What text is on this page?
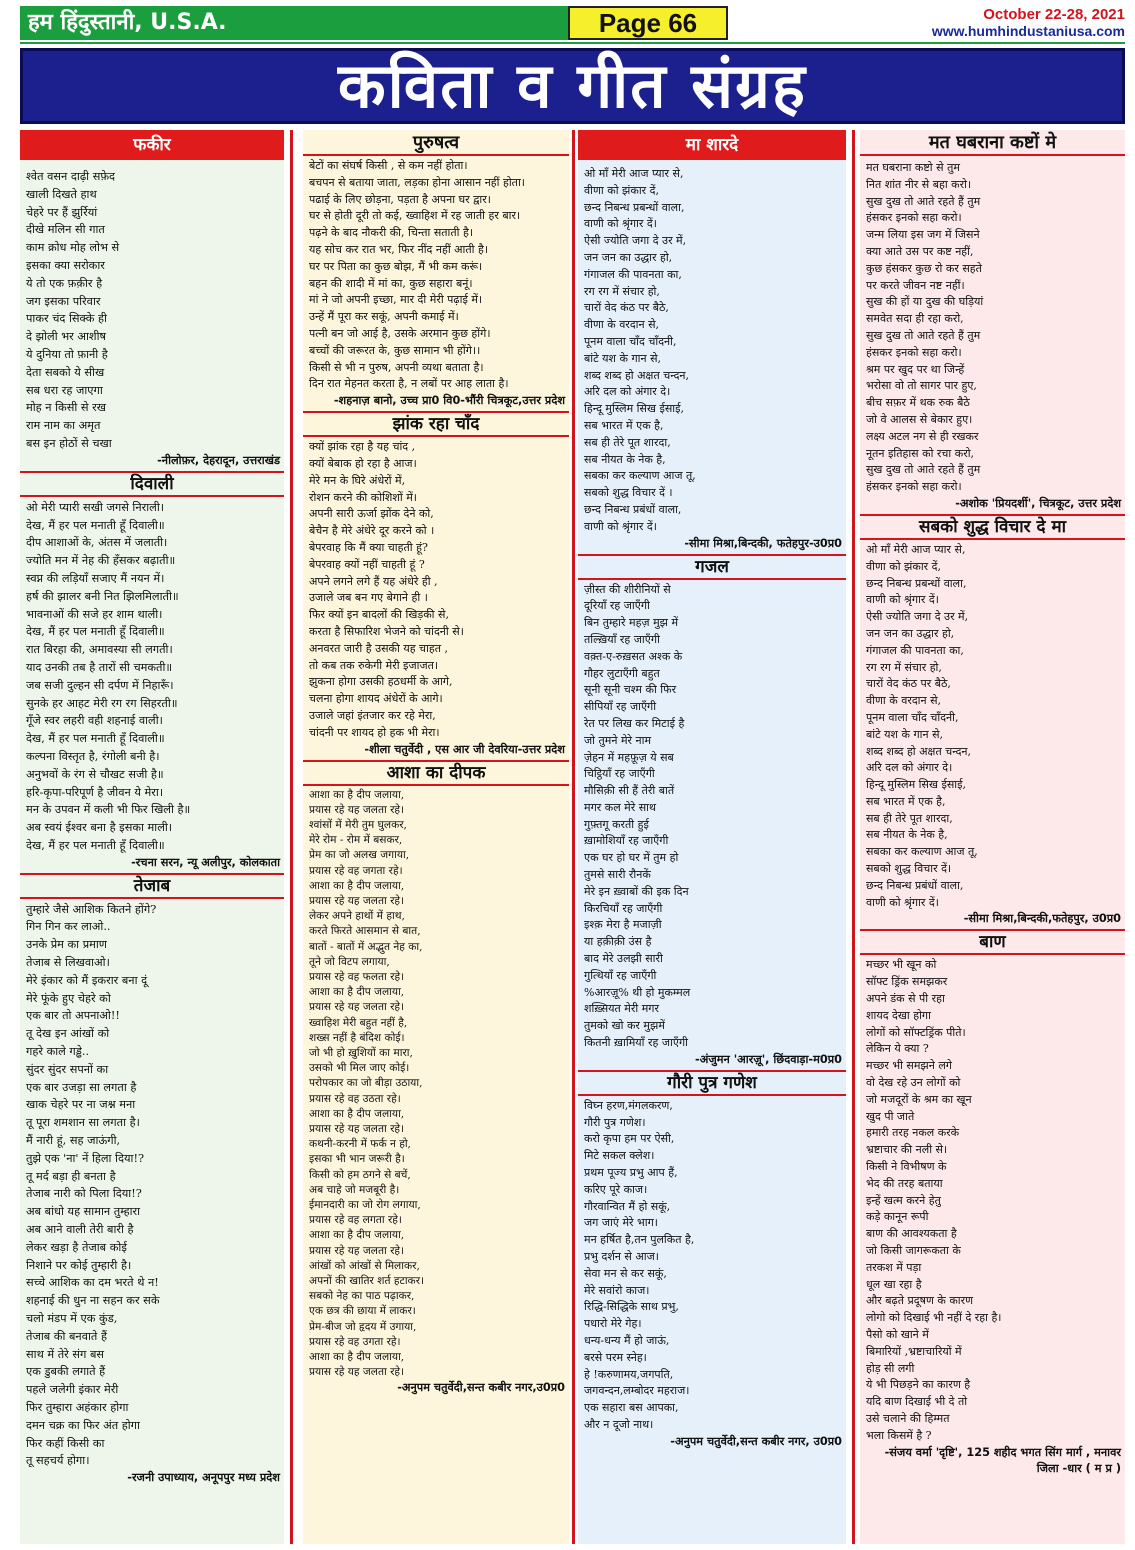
हम हिंदुस्तानी, U.S.A.	Page 66	October 22-28, 2021
www.humhindustaniusa.com
कविता व गीत संग्रह
फकीर
श्वेत वसन दाढ़ी सफ़ेद
खाली दिखते हाथ
चेहरे पर हैं झुर्रियां
दीखे मलिन सी गात
काम क्रोध मोह लोभ से
इसका क्या सरोकार
ये तो एक फ़क़ीर है
जग इसका परिवार
पाकर चंद सिक्के ही
दे झोली भर आशीष
ये दुनिया तो फ़ानी है
देता सबको ये सीख
सब धरा रह जाएगा
मोह न किसी से रख
राम नाम का अमृत
बस इन होठों से चखा
-नीलोफ़र, देहरादून, उत्तराखंड
दिवाली
ओ मेरी प्यारी सखी जगसे निराली।
देख, मैं हर पल मनाती हूँ दिवाली॥
दीप आशाओं के, अंतस में जलाती।
ज्योति मन में नेह की हँसकर बढ़ाती॥
स्वप्न की लड़ियाँ सजाए मैं नयन में।
हर्ष की झालर बनी नित झिलमिलाती॥
भावनाओं की सजे हर शाम थाली।
देख, मैं हर पल मनाती हूँ दिवाली॥
रात बिरहा की, अमावस्या सी लगती।
याद उनकी तब है तारों सी चमकती॥
जब सजी दुल्हन सी दर्पण में निहारूँ।
सुनके हर आहट मेरी रग रग सिहरती॥
गूँजे स्वर लहरी वही शहनाई वाली।
देख, मैं हर पल मनाती हूँ दिवाली॥
कल्पना विस्तृत है, रंगोली बनी है।
अनुभवों के रंग से चौखट सजी है॥
हरि-कृपा-परिपूर्ण है जीवन ये मेरा।
मन के उपवन में कली भी फिर खिली है॥
अब स्वयं ईश्वर बना है इसका माली।
देख, मैं हर पल मनाती हूँ दिवाली॥
-रचना सरन, न्यू अलीपुर, कोलकाता
तेजाब
तुम्हारे जैसे आशिक कितने होंगे?
गिन गिन कर लाओ..
उनके प्रेम का प्रमाण
तेजाब से लिखवाओ।
मेरे इंकार को मैं इकरार बना दूं
मेरे फूंके हुए चेहरे को
एक बार तो अपनाओ!!
तू देख इन आंखों को
गहरे काले गड्ढे..
सुंदर सुंदर सपनों का
एक बार उजड़ा सा लगता है
खाक चेहरे पर ना जश्न मना
तू पूरा शमशान सा लगता है।
मैं नारी हूं, सह जाऊंगी,
तुझे एक 'ना' नें हिला दिया!?
तू मर्द बड़ा ही बनता है
तेजाब नारी को पिला दिया!?
अब बांधो यह सामान तुम्हारा
अब आने वाली तेरी बारी है
लेकर खड़ा है तेजाब कोई
निशाने पर कोई तुम्हारी है।
सच्चे आशिक का दम भरते थे न!
शहनाई की धुन ना सहन कर सके
चलो मंडप में एक कुंड,
तेजाब की बनवाते हैं
साथ में तेरे संग बस
एक डुबकी लगाते हैं
पहले जलेगी इंकार मेरी
फिर तुम्हारा अहंकार होगा
दमन चक्र का फिर अंत होगा
फिर कहीं किसी का
तू सहचर्य होगा।
-रजनी उपाध्याय, अनूपपुर मध्य प्रदेश
पुरुषत्व
बेटों का संघर्ष किसी , से कम नहीं होता।
बचपन से बताया जाता, लड़का होना आसान नहीं होता।
पढाई के लिए छोड़ना, पड़ता है अपना घर द्वार।
घर से होती दूरी तो कई, ख्वाहिश में रह जाती हर बार।
पढ़ने के बाद नौकरी की, चिन्ता सताती है।
यह सोच कर रात भर, फिर नींद नहीं आती है।
घर पर पिता का कुछ बोझ, मैं भी कम करूं।
बहन की शादी में मां का, कुछ सहारा बनूं।
मां ने जो अपनी इच्छा, मार दी मेरी पढ़ाई में।
उन्हें मैं पूरा कर सकूं, अपनी कमाई में।
पत्नी बन जो आई है, उसके अरमान कुछ होंगे।
बच्चों की जरूरत के, कुछ सामान भी होंगे।।
किसी से भी न पुरुष, अपनी व्यथा बताता है।
दिन रात मेहनत करता है, न लबों पर आह लाता है।
-शहनाज़ बानो, उच्च प्रा0 वि0-भौंरी चित्रकूट,उत्तर प्रदेश
झांक रहा चाँद
क्यों झांक रहा है यह चांद ,
क्यों बेबाक हो रहा है आज।
मेरे मन के घिरे अंधेरों में,
रोशन करने की कोशिशों में।
अपनी सारी ऊर्जा झोंक देने को,
बेचैन है मेरे अंधेरे दूर करने को ।
बेपरवाह कि मैं क्या चाहती हूं?
बेपरवाह क्यों नहीं चाहती हूं ?
अपने लगने लगे हैं यह अंधेरे ही ,
उजाले जब बन गए बेगाने ही ।
फिर क्यों इन बादलों की खिड़की से,
करता है सिफारिश भेजने को चांदनी से।
अनवरत जारी है उसकी यह चाहत ,
तो कब तक रुकेगी मेरी इजाजत।
झुकना होगा उसकी हठधर्मी के आगे,
चलना होगा शायद अंधेरों के आगे।
उजाले जहां इंतजार कर रहे मेरा,
चांदनी पर शायद हो हक भी मेरा।
-शीला चतुर्वेदी , एस आर जी देवरिया-उत्तर प्रदेश
आशा का दीपक
आशा का है दीप जलाया,
प्रयास रहे यह जलता रहे।
श्वांसों में मेरी तुम घुलकर,
मेरे रोम - रोम में बसकर,
प्रेम का जो अलख जगाया,
प्रयास रहे वह जगता रहे।
आशा का है दीप जलाया,
प्रयास रहे यह जलता रहे।
लेकर अपने हाथों में हाथ,
करते फिरते आसमान से बात,
बातों - बातों में अद्भुत नेह का,
तूने जो विटप लगाया,
प्रयास रहे वह फलता रहे।
आशा का है दीप जलाया,
प्रयास रहे यह जलता रहे।
ख्वाहिश मेरी बहुत नहीं है,
शख्स नहीं है बंदिश कोई।
जो भी हो ख़ुशियों का मारा,
उसको भी मिल जाए कोई।
परोपकार का जो बीड़ा उठाया,
प्रयास रहे वह उठता रहे।
आशा का है दीप जलाया,
प्रयास रहे यह जलता रहे।
कथनी-करनी में फर्क न हो,
इसका भी भान जरूरी है।
किसी को हम ठगने से बचें,
अब चाहे जो मजबूरी है।
ईमानदारी का जो रोग लगाया,
प्रयास रहे वह लगता रहे।
आशा का है दीप जलाया,
प्रयास रहे यह जलता रहे।
आंखों को आंखों से मिलाकर,
अपनों की खातिर शर्त हटाकर।
सबको नेह का पाठ पढ़ाकर,
एक छत्र की छाया में लाकर।
प्रेम-बीज जो हृदय में उगाया,
प्रयास रहे वह उगता रहे।
आशा का है दीप जलाया,
प्रयास रहे यह जलता रहे।
-अनुपम चतुर्वेदी,सन्त कबीर नगर,उ0प्र0
मा शारदे
ओ माँ मेरी आज प्यार से,
वीणा को झंकार दें,
छन्द निबन्ध प्रबन्धों वाला,
वाणी को श्रृंगार दें।
ऐसी ज्योति जगा दे उर में,
जन जन का उद्धार हो,
गंगाजल की पावनता का,
रग रग में संचार हो,
चारों वेद कंठ पर बैठे,
वीणा के वरदान से,
पूनम वाला चाँद चाँदनी,
बांटे यश के गान से,
शब्द शब्द हो अक्षत चन्दन,
अरि दल को अंगार दे।
हिन्दू मुस्लिम सिख ईसाई,
सब भारत में एक है,
सब ही तेरे पूत शारदा,
सब नीयत के नेक है,
सबका कर कल्याण आज तू,
सबको शुद्ध विचार दें ।
छन्द निबन्ध प्रबंधों वाला,
वाणी को श्रृंगार दें।
-सीमा मिश्रा,बिन्दकी, फतेहपुर-उ0प्र0
गजल
ज़ीस्त की शीरीनियों से
दूरियाँ रह जाएँगी
बिन तुम्हारे महज़ मुझ में
तल्ख़ियाँ रह जाएँगी
वक़्त-ए-रुख़सत अश्क के
गौहर लुटाएँगी बहुत
सूनी सूनी चश्म की फिर
सीपियाँ रह जाएँगी
रेत पर लिख कर मिटाई है
जो तुमने मेरे नाम
ज़ेहन में महफ़ूज़ ये सब
चिट्ठियाँ रह जाएँगी
मौसिक़ी सी हैं तेरी बातें
मगर कल मेरे साथ
गुफ़्तगू करती हुई
ख़ामोशियाँ रह जाएँगी
एक घर हो घर में तुम हो
तुमसे सारी रौनकें
मेरे इन ख़्वाबों की इक दिन
किरचियाँ रह जाएँगी
इश्क़ मेरा है मजाज़ी
या हक़ीक़ी उंस है
बाद मेरे उलझी सारी
गुत्थियाँ रह जाएँगी
%आरज़ू% थी हो मुकम्मल
शख़्सियत मेरी मगर
तुमको खो कर मुझमें
कितनी ख़ामियाँ रह जाएँगी
-अंजुमन 'आरज़ू', छिंदवाड़ा-म0प्र0
गौरी पुत्र गणेश
विघ्न हरण,मंगलकरण,
गौरी पुत्र गणेश।
करो कृपा हम पर ऐसी,
मिटे सकल क्लेश।
प्रथम पूज्य प्रभु आप हैं,
करिए पूरे काज।
गौरवान्वित मैं हो सकूं,
जग जाएं मेरे भाग।
मन हर्षित है,तन पुलकित है,
प्रभु दर्शन से आज।
सेवा मन से कर सकूं,
मेरे सवांरो काज।
रिद्धि-सिद्धिके साथ प्रभु,
पधारो मेरे गेह।
धन्य-धन्य मैं हो जाऊं,
बरसे परम स्नेह।
हे !करुणामय,जगपति,
जगवन्दन,लम्बोदर महराज।
एक सहारा बस आपका,
और न दूजो नाथ।
-अनुपम चतुर्वेदी,सन्त कबीर नगर, उ0प्र0
मत घबराना कष्टों मे
मत घबराना कष्टो से तुम
नित शांत नीर से बहा करो।
सुख दुख तो आते रहते हैं तुम
हंसकर इनको सहा करो।
जन्म लिया इस जग में जिसने
क्या आते उस पर कष्ट नहीं,
कुछ हंसकर कुछ रो कर सहते
पर करते जीवन नष्ट नहीं।
सुख की हों या दुख की घड़ियां
समवेत सदा ही रहा करो,
सुख दुख तो आते रहते हैं तुम
हंसकर इनको सहा करो।
श्रम पर खुद पर था जिन्हें
भरोसा वो तो सागर पार हुए,
बीच सफ़र में थक रुक बैठे
जो वे आलस से बेकार हुए।
लक्ष्य अटल नग से ही रखकर
नूतन इतिहास को रचा करो,
सुख दुख तो आते रहते हैं तुम
हंसकर इनको सहा करो।
-अशोक 'प्रियदर्शी', चित्रकूट, उत्तर प्रदेश
सबको शुद्ध विचार दे मा
ओ माँ मेरी आज प्यार से,
वीणा को झंकार दें,
छन्द निबन्ध प्रबन्धों वाला,
वाणी को श्रृंगार दें।
ऐसी ज्योति जगा दे उर में,
जन जन का उद्धार हो,
गंगाजल की पावनता का,
रग रग में संचार हो,
चारों वेद कंठ पर बैठे,
वीणा के वरदान से,
पूनम वाला चाँद चाँदनी,
बांटे यश के गान से,
शब्द शब्द हो अक्षत चन्दन,
अरि दल को अंगार दे।
हिन्दू मुस्लिम सिख ईसाई,
सब भारत में एक है,
सब ही तेरे पूत शारदा,
सब नीयत के नेक है,
सबका कर कल्याण आज तू,
सबको शुद्ध विचार दें।
छन्द निबन्ध प्रबंधों वाला,
वाणी को श्रृंगार दें।
-सीमा मिश्रा,बिन्दकी,फतेहपुर, उ0प्र0
बाण
मच्छर भी खून को
सॉफ्ट ड्रिंक समझकर
अपने डंक से पी रहा
शायद देखा होगा
लोगों को सॉफ्टड्रिंक पीते।
लेकिन ये क्या ?
मच्छर भी समझने लगे
वो देख रहे उन लोगों को
जो मजदूरों के श्रम का खून
खुद पी जाते
हमारी तरह नकल करके
भ्रष्टाचार की नली से।
किसी ने विभीषण के
भेद की तरह बताया
इन्हें खत्म करने हेतु
कड़े कानून रूपी
बाण की आवश्यकता है
जो किसी जागरूकता के
तरकश में पड़ा
धूल खा रहा है
और बढ़ते प्रदूषण के कारण
लोगो को दिखाई भी नहीं दे रहा है।
पैसो को खाने में
बिमारियों ,भ्रष्टाचारियों में
होड़ सी लगी
ये भी पिछड़ने का कारण है
यदि बाण दिखाई भी दे तो
उसे चलाने की हिम्मत
भला किसमें है ?
-संजय वर्मा 'दृष्टि', 125 शहीद भगत सिंग मार्ग , मनावर जिला -धार ( म प्र )
